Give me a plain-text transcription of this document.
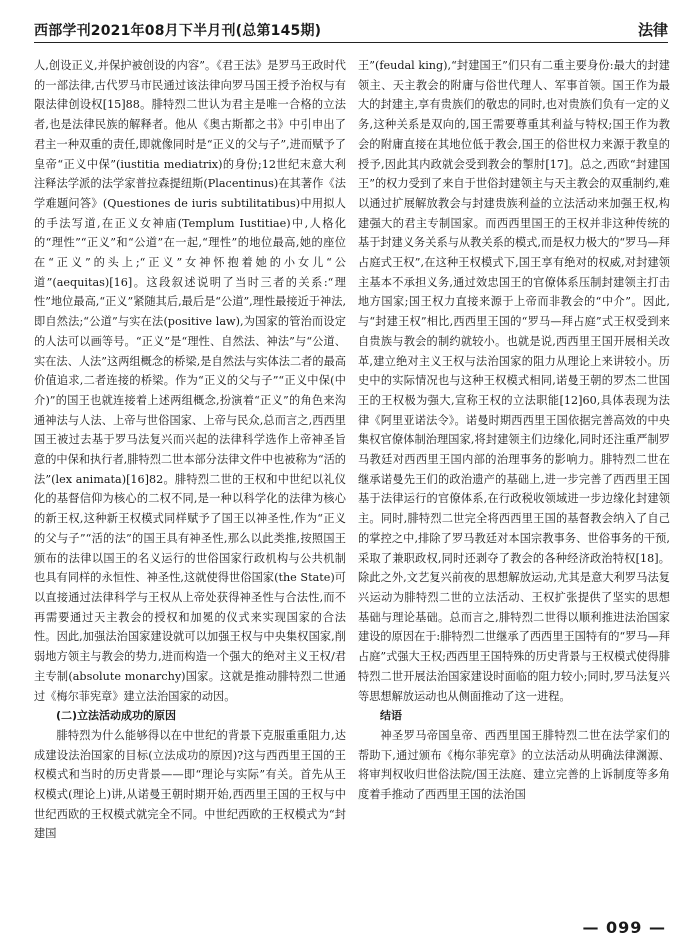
西部学刊2021年08月下半月刊(总第145期)	法律

人,创设正义,并保护被创设的内容”。《君王法》是罗马王政时代的一部法律,古代罗马市民通过该法律向罗马国王授予治权与有限法律创设权[15]88。腓特烈二世认为君主是唯一合格的立法者,也是法律民族的解释者。他从《奥古斯都之书》中引申出了君主一种双重的责任,即就像同时是“正义的父与子”,进而赋予了皇帝“正义中保”(iustitia mediatrix)的身份;12世纪末意大利注释法学派的法学家普拉森提纽斯(Placentinus)在其著作《法学难题问答》(Questiones de iuris subtilitatibus)中用拟人的手法写道,在正义女神庙(Templum Iustitiae)中,人格化的“理性”“正义”和“公道”在一起,“理性”的地位最高,她的座位在“正义”的头上;“正义”女神怀抱着她的小女儿“公道”(aequitas)[16]。这段叙述说明了当时三者的关系:“理性”地位最高,“正义”紧随其后,最后是“公道”,理性最接近于神法,即自然法;“公道”与实在法(positive law),为国家的管治而设定的人法可以画等号。“正义”是“理性、自然法、神法”与“公道、实在法、人法”这两组概念的桥梁,是自然法与实体法二者的最高价值追求,二者连接的桥梁。作为“正义的父与子”“正义中保(中介)”的国王也就连接着上述两组概念,扮演着“正义”的角色来沟通神法与人法、上帝与世俗国家、上帝与民众,总而言之,西西里国王被过去基于罗马法复兴而兴起的法律科学选作上帝神圣旨意的中保和执行者,腓特烈二世本部分法律文件中也被称为“活的法”(lex animata)[16]82。腓特烈二世的王权和中世纪以礼仪化的基督信仰为核心的二权不同,是一种以科学化的法律为核心的新王权,这种新王权模式同样赋予了国王以神圣性,作为“正义的父与子”“活的法”的国王具有神圣性,那么以此类推,按照国王颁布的法律以国王的名义运行的世俗国家行政机构与公共机制也具有同样的永恒性、神圣性,这就使得世俗国家(the State)可以直接通过法律科学与王权从上帝处获得神圣性与合法性,而不再需要通过天主教会的授权和加冕的仪式来实现国家的合法性。因此,加强法治国家建设就可以加强王权与中央集权国家,削弱地方领主与教会的势力,进而构造一个强大的绝对主义王权/君主专制(absolute monarchy)国家。这就是推动腓特烈二世通过《梅尔菲宪章》建立法治国家的动因。

(二)立法活动成功的原因

腓特烈为什么能够得以在中世纪的背景下克服重重阻力,达成建设法治国家的目标(立法成功的原因)?这与西西里王国的王权模式和当时的历史背景——即“理论与实际”有关。首先从王权模式(理论上)讲,从诺曼王朝时期开始,西西里王国的王权与中世纪西欧的王权模式就完全不同。中世纪西欧的王权模式为“封建国

王”(feudal king),“封建国王”们只有二重主要身份:最大的封建领主、天主教会的附庸与俗世代理人、军事首领。国王作为最大的封建主,享有贵族们的敬忠的同时,也对贵族们负有一定的义务,这种关系是双向的,国王需要尊重其利益与特权;国王作为教会的附庸直接在其地位低于教会,国王的俗世权力来源于教皇的授予,因此其内政就会受到教会的掣肘[17]。总之,西欧“封建国王”的权力受到了来自于世俗封建领主与天主教会的双重制约,难以通过扩展解放教会与封建贵族利益的立法活动来加强王权,构建强大的君主专制国家。而西西里国王的王权并非这种传统的基于封建义务关系与从教关系的模式,而是权力极大的“罗马—拜占庭式王权”,在这种王权模式下,国王享有绝对的权威,对封建领主基本不承担义务,通过效忠国王的官僚体系压制封建领主打击地方国家;国王权力直接来源于上帝而非教会的“中介”。因此,与“封建王权”相比,西西里王国的“罗马—拜占庭”式王权受到来自贵族与教会的制约就较小。也就是说,西西里王国开展相关改革,建立绝对主义王权与法治国家的阻力从理论上来讲较小。历史中的实际情况也与这种王权模式相同,诺曼王朝的罗杰二世国王的王权极为强大,宣称王权的立法职能[12]60,具体表现为法律《阿里亚诺法令》。诺曼时期西西里王国依据完善高效的中央集权官僚体制治理国家,将封建领主们边缘化,同时还注重严制罗马教廷对西西里王国内部的治理事务的影响力。腓特烈二世在继承诺曼先王们的政治遗产的基础上,进一步完善了西西里王国基于法律运行的官僚体系,在行政税收领域进一步边缘化封建领主。同时,腓特烈二世完全将西西里王国的基督教会纳入了自己的掌控之中,排除了罗马教廷对本国宗教事务、世俗事务的干预,采取了兼职政权,同时还剥夺了教会的各种经济政治特权[18]。除此之外,文艺复兴前夜的思想解放运动,尤其是意大利罗马法复兴运动为腓特烈二世的立法活动、王权扩张提供了坚实的思想基础与理论基础。总而言之,腓特烈二世得以顺利推进法治国家建设的原因在于:腓特烈二世继承了西西里王国特有的“罗马—拜占庭”式强大王权;西西里王国特殊的历史背景与王权模式使得腓特烈二世开展法治国家建设时面临的阻力较小;同时,罗马法复兴等思想解放运动也从侧面推动了这一进程。

结语

神圣罗马帝国皇帝、西西里国王腓特烈二世在法学家们的帮助下,通过颁布《梅尔菲宪章》的立法活动从明确法律渊源、将审判权收归世俗法院/国王法庭、建立完善的上诉制度等多角度着手推动了西西里王国的法治国

— 099 —
